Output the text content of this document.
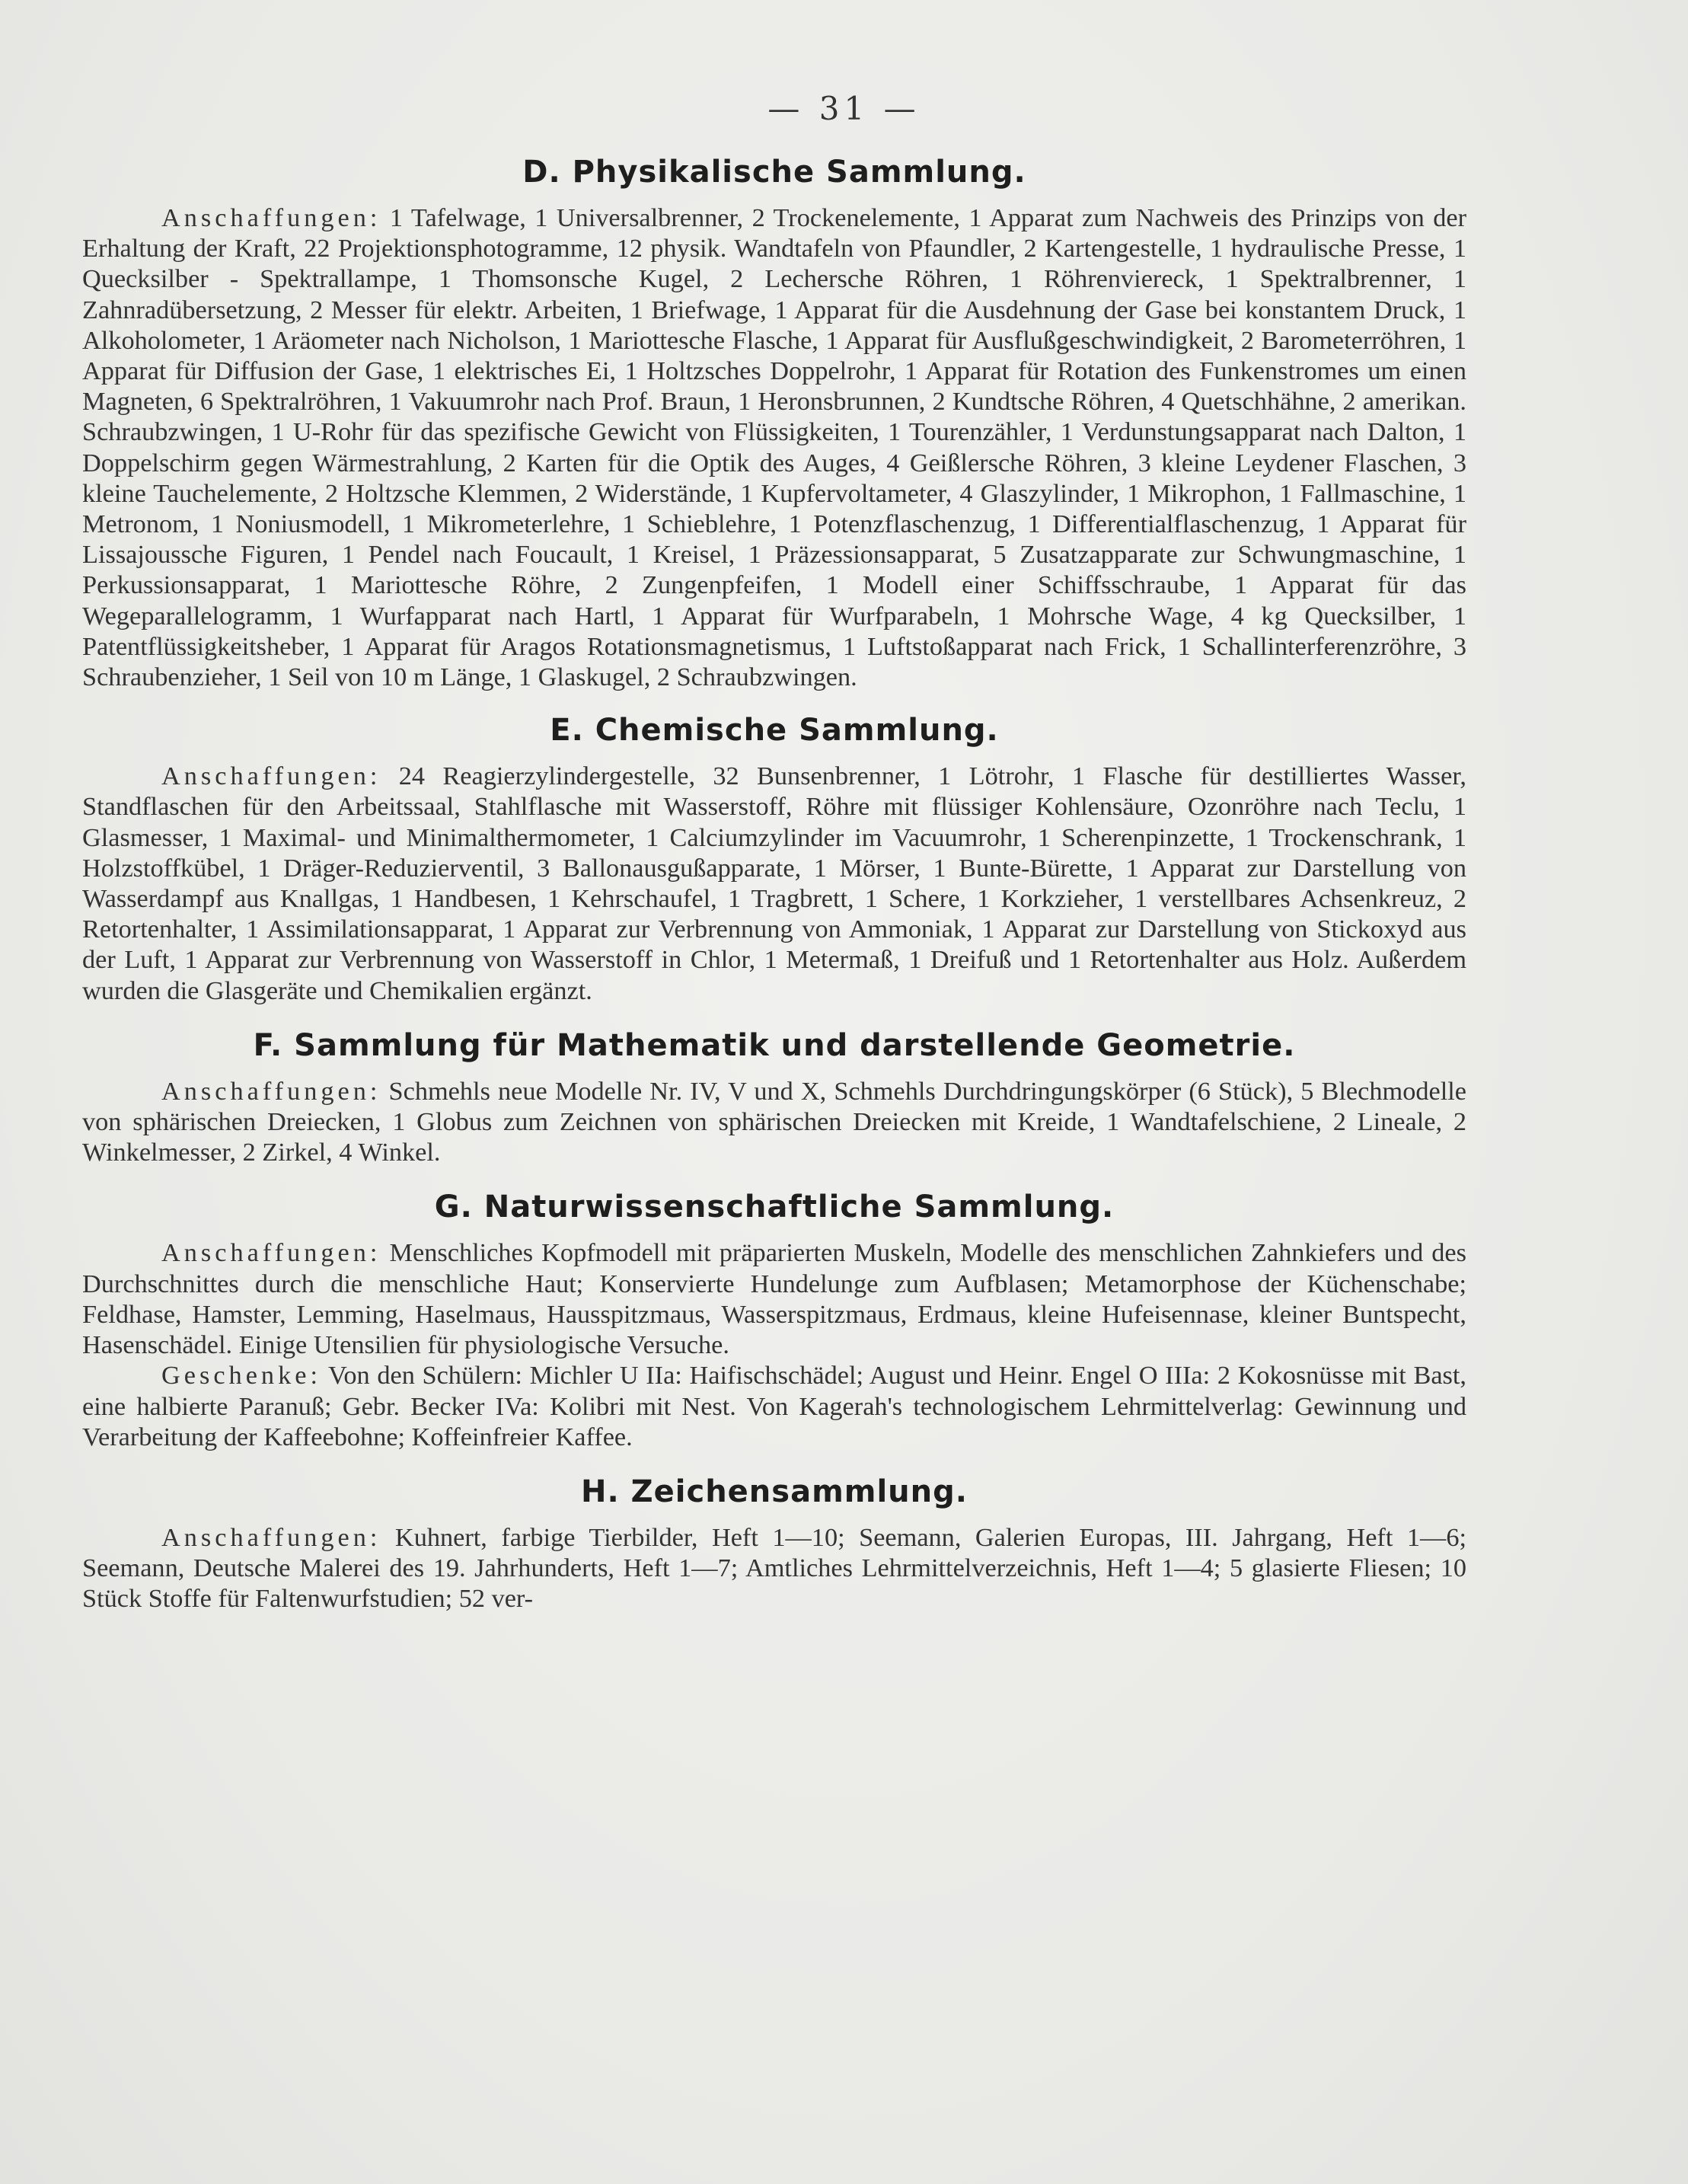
— 31 —
D. Physikalische Sammlung.

Anschaffungen: 1 Tafelwage, 1 Universalbrenner, 2 Trockenelemente, 1 Apparat zum Nachweis des Prinzips von der Erhaltung der Kraft, 22 Projektionsphotogramme, 12 physik. Wandtafeln von Pfaundler, 2 Kartengestelle, 1 hydraulische Presse, 1 Quecksilber - Spektrallampe, 1 Thomsonsche Kugel, 2 Lechersche Röhren, 1 Röhrenviereck, 1 Spektralbrenner, 1 Zahnradübersetzung, 2 Messer für elektr. Arbeiten, 1 Briefwage, 1 Apparat für die Ausdehnung der Gase bei konstantem Druck, 1 Alkoholometer, 1 Aräometer nach Nicholson, 1 Mariottesche Flasche, 1 Apparat für Ausflußgeschwindigkeit, 2 Barometerröhren, 1 Apparat für Diffusion der Gase, 1 elektrisches Ei, 1 Holtzsches Doppelrohr, 1 Apparat für Rotation des Funkenstromes um einen Magneten, 6 Spektralröhren, 1 Vakuumrohr nach Prof. Braun, 1 Heronsbrunnen, 2 Kundtsche Röhren, 4 Quetschhähne, 2 amerikan. Schraubzwingen, 1 U-Rohr für das spezifische Gewicht von Flüssigkeiten, 1 Tourenzähler, 1 Verdunstungsapparat nach Dalton, 1 Doppelschirm gegen Wärmestrahlung, 2 Karten für die Optik des Auges, 4 Geißlersche Röhren, 3 kleine Leydener Flaschen, 3 kleine Tauchelemente, 2 Holtzsche Klemmen, 2 Widerstände, 1 Kupfervoltameter, 4 Glaszylinder, 1 Mikrophon, 1 Fallmaschine, 1 Metronom, 1 Noniusmodell, 1 Mikrometerlehre, 1 Schieblehre, 1 Potenzflaschenzug, 1 Differentialflaschenzug, 1 Apparat für Lissajoussche Figuren, 1 Pendel nach Foucault, 1 Kreisel, 1 Präzessionsapparat, 5 Zusatzapparate zur Schwungmaschine, 1 Perkussionsapparat, 1 Mariottesche Röhre, 2 Zungenpfeifen, 1 Modell einer Schiffsschraube, 1 Apparat für das Wegeparallelogramm, 1 Wurfapparat nach Hartl, 1 Apparat für Wurfparabeln, 1 Mohrsche Wage, 4 kg Quecksilber, 1 Patentflüssigkeitsheber, 1 Apparat für Aragos Rotationsmagnetismus, 1 Luftstoßapparat nach Frick, 1 Schallinterferenzröhre, 3 Schraubenzieher, 1 Seil von 10 m Länge, 1 Glaskugel, 2 Schraubzwingen.

E. Chemische Sammlung.

Anschaffungen: 24 Reagierzylindergestelle, 32 Bunsenbrenner, 1 Lötrohr, 1 Flasche für destilliertes Wasser, Standflaschen für den Arbeitssaal, Stahlflasche mit Wasserstoff, Röhre mit flüssiger Kohlensäure, Ozonröhre nach Teclu, 1 Glasmesser, 1 Maximal- und Minimalthermometer, 1 Calciumzylinder im Vacuumrohr, 1 Scherenpinzette, 1 Trockenschrank, 1 Holzstoffkübel, 1 Dräger-Reduzierventil, 3 Ballonausgußapparate, 1 Mörser, 1 Bunte-Bürette, 1 Apparat zur Darstellung von Wasserdampf aus Knallgas, 1 Handbesen, 1 Kehrschaufel, 1 Tragbrett, 1 Schere, 1 Korkzieher, 1 verstellbares Achsenkreuz, 2 Retortenhalter, 1 Assimilationsapparat, 1 Apparat zur Verbrennung von Ammoniak, 1 Apparat zur Darstellung von Stickoxyd aus der Luft, 1 Apparat zur Verbrennung von Wasserstoff in Chlor, 1 Metermaß, 1 Dreifuß und 1 Retortenhalter aus Holz. Außerdem wurden die Glasgeräte und Chemikalien ergänzt.

F. Sammlung für Mathematik und darstellende Geometrie.

Anschaffungen: Schmehls neue Modelle Nr. IV, V und X, Schmehls Durchdringungskörper (6 Stück), 5 Blechmodelle von sphärischen Dreiecken, 1 Globus zum Zeichnen von sphärischen Dreiecken mit Kreide, 1 Wandtafelschiene, 2 Lineale, 2 Winkelmesser, 2 Zirkel, 4 Winkel.

G. Naturwissenschaftliche Sammlung.

Anschaffungen: Menschliches Kopfmodell mit präparierten Muskeln, Modelle des menschlichen Zahnkiefers und des Durchschnittes durch die menschliche Haut; Konservierte Hundelunge zum Aufblasen; Metamorphose der Küchenschabe; Feldhase, Hamster, Lemming, Haselmaus, Hausspitzmaus, Wasserspitzmaus, Erdmaus, kleine Hufeisennase, kleiner Buntspecht, Hasenschädel. Einige Utensilien für physiologische Versuche.

Geschenke: Von den Schülern: Michler U IIa: Haifischschädel; August und Heinr. Engel O IIIa: 2 Kokosnüsse mit Bast, eine halbierte Paranuß; Gebr. Becker IVa: Kolibri mit Nest. Von Kagerah's technologischem Lehrmittelverlag: Gewinnung und Verarbeitung der Kaffeebohne; Koffeinfreier Kaffee.

H. Zeichensammlung.

Anschaffungen: Kuhnert, farbige Tierbilder, Heft 1—10; Seemann, Galerien Europas, III. Jahrgang, Heft 1—6; Seemann, Deutsche Malerei des 19. Jahrhunderts, Heft 1—7; Amtliches Lehrmittelverzeichnis, Heft 1—4; 5 glasierte Fliesen; 10 Stück Stoffe für Faltenwurfstudien; 52 ver-
